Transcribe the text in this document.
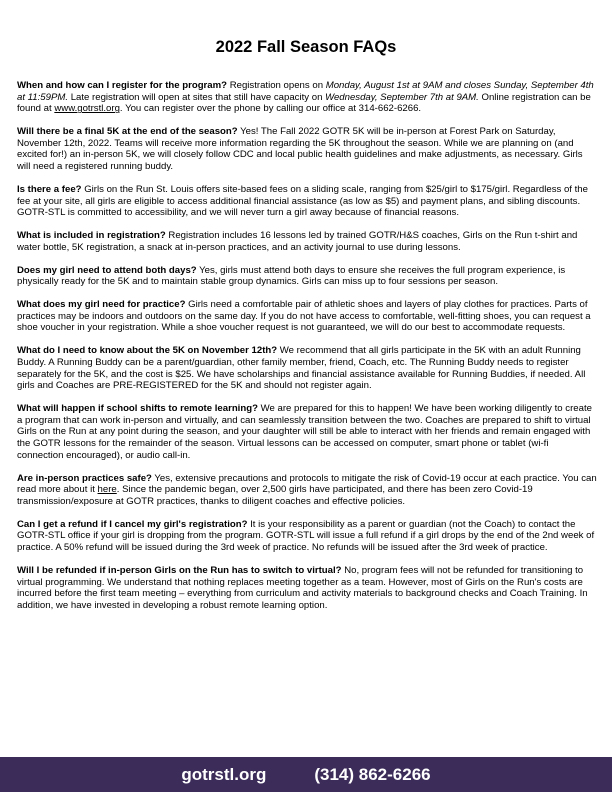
2022 Fall Season FAQs

When and how can I register for the program? Registration opens on Monday, August 1st at 9AM and closes Sunday, September 4th at 11:59PM. Late registration will open at sites that still have capacity on Wednesday, September 7th at 9AM. Online registration can be found at www.gotrstl.org. You can register over the phone by calling our office at 314-662-6266.

Will there be a final 5K at the end of the season? Yes! The Fall 2022 GOTR 5K will be in-person at Forest Park on Saturday, November 12th, 2022. Teams will receive more information regarding the 5K throughout the season. While we are planning on (and excited for!) an in-person 5K, we will closely follow CDC and local public health guidelines and make adjustments, as necessary. Girls will need a registered running buddy.

Is there a fee? Girls on the Run St. Louis offers site-based fees on a sliding scale, ranging from $25/girl to $175/girl. Regardless of the fee at your site, all girls are eligible to access additional financial assistance (as low as $5) and payment plans, and sibling discounts. GOTR-STL is committed to accessibility, and we will never turn a girl away because of financial reasons.

What is included in registration? Registration includes 16 lessons led by trained GOTR/H&S coaches, Girls on the Run t-shirt and water bottle, 5K registration, a snack at in-person practices, and an activity journal to use during lessons.

Does my girl need to attend both days? Yes, girls must attend both days to ensure she receives the full program experience, is physically ready for the 5K and to maintain stable group dynamics. Girls can miss up to four sessions per season.

What does my girl need for practice? Girls need a comfortable pair of athletic shoes and layers of play clothes for practices. Parts of practices may be indoors and outdoors on the same day. If you do not have access to comfortable, well-fitting shoes, you can request a shoe voucher in your registration. While a shoe voucher request is not guaranteed, we will do our best to accommodate requests.

What do I need to know about the 5K on November 12th? We recommend that all girls participate in the 5K with an adult Running Buddy. A Running Buddy can be a parent/guardian, other family member, friend, Coach, etc. The Running Buddy needs to register separately for the 5K, and the cost is $25. We have scholarships and financial assistance available for Running Buddies, if needed. All girls and Coaches are PRE-REGISTERED for the 5K and should not register again.

What will happen if school shifts to remote learning? We are prepared for this to happen! We have been working diligently to create a program that can work in-person and virtually, and can seamlessly transition between the two. Coaches are prepared to shift to virtual Girls on the Run at any point during the season, and your daughter will still be able to interact with her friends and remain engaged with the GOTR lessons for the remainder of the season. Virtual lessons can be accessed on computer, smart phone or tablet (wi-fi connection encouraged), or audio call-in.

Are in-person practices safe? Yes, extensive precautions and protocols to mitigate the risk of Covid-19 occur at each practice. You can read more about it here. Since the pandemic began, over 2,500 girls have participated, and there has been zero Covid-19 transmission/exposure at GOTR practices, thanks to diligent coaches and effective policies.

Can I get a refund if I cancel my girl's registration? It is your responsibility as a parent or guardian (not the Coach) to contact the GOTR-STL office if your girl is dropping from the program. GOTR-STL will issue a full refund if a girl drops by the end of the 2nd week of practice. A 50% refund will be issued during the 3rd week of practice. No refunds will be issued after the 3rd week of practice.

Will I be refunded if in-person Girls on the Run has to switch to virtual? No, program fees will not be refunded for transitioning to virtual programming. We understand that nothing replaces meeting together as a team. However, most of Girls on the Run's costs are incurred before the first team meeting – everything from curriculum and activity materials to background checks and Coach Training. In addition, we have invested in developing a robust remote learning option.

gotrstl.org	(314) 862-6266
